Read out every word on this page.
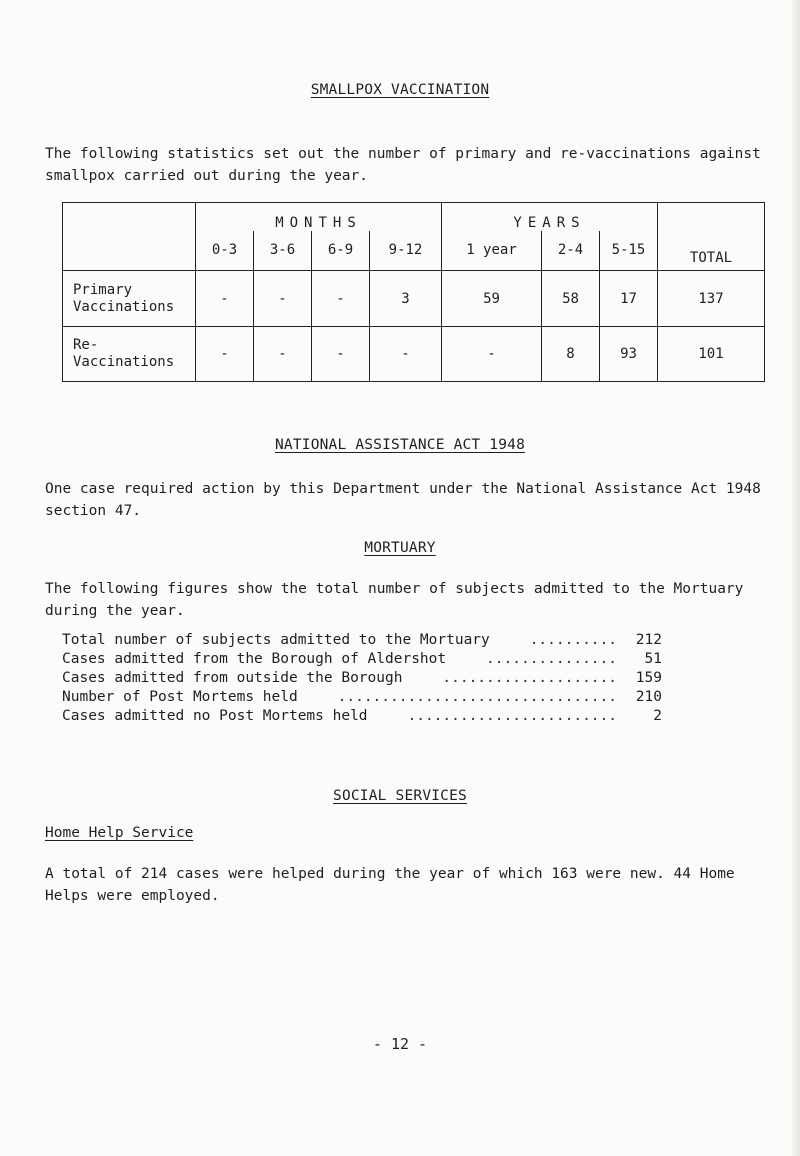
SMALLPOX VACCINATION
The following statistics set out the number of primary and re-vaccinations against smallpox carried out during the year.
	MONTHS				YEARS			TOTAL
	0-3	3-6	6-9	9-12	1 year	2-4	5-15	
Primary
Vaccinations	-	-	-	3	59	58	17	137
Re-
Vaccinations	-	-	-	-	-	8	93	101
NATIONAL ASSISTANCE ACT 1948
One case required action by this Department under the National Assistance Act 1948 section 47.
MORTUARY
The following figures show the total number of subjects admitted to the Mortuary during the year.
Total number of subjects admitted to the Mortuary	..........	212
Cases admitted from the Borough of Aldershot	...............	51
Cases admitted from outside the Borough	....................	159
Number of Post Mortems held	................................	210
Cases admitted no Post Mortems held	........................	2
SOCIAL SERVICES
Home Help Service
A total of 214 cases were helped during the year of which 163 were new. 44 Home Helps were employed.
- 12 -
